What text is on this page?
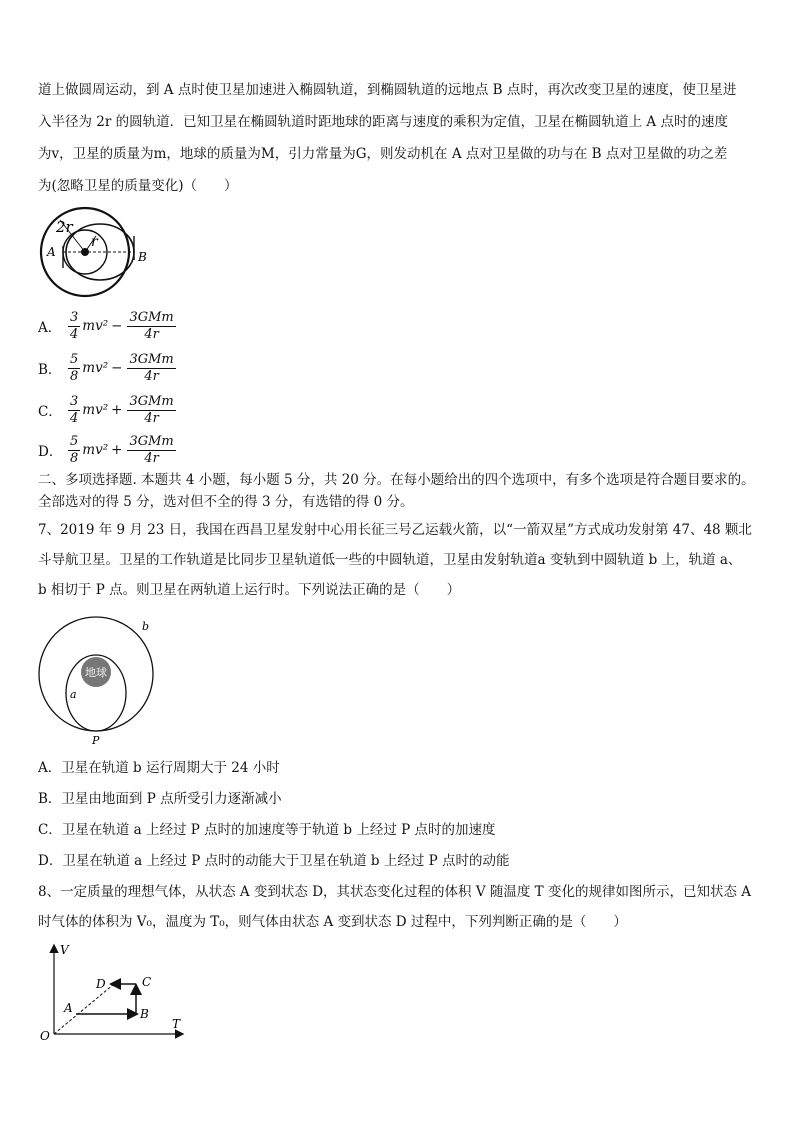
道上做圆周运动，到 A 点时使卫星加速进入椭圆轨道，到椭圆轨道的远地点 B 点时，再次改变卫星的速度，使卫星进
入半径为 2r 的圆轨道．已知卫星在椭圆轨道时距地球的距离与速度的乘积为定值，卫星在椭圆轨道上 A 点时的速度
为v，卫星的质量为m，地球的质量为M，引力常量为G，则发动机在 A 点对卫星做的功与在 B 点对卫星做的功之差
为(忽略卫星的质量变化)（　　）
2r
r
A	B
A． $\frac{3}{4} mv^2 - \frac{\text{3GMm}}{4r}$
B． $\frac{5}{8} mv^2 - \frac{\text{3GMm}}{4r}$
C． $\frac{3}{4} mv^2 + \frac{\text{3GMm}}{4r}$
D． $\frac{5}{8} mv^2 + \frac{\text{3GMm}}{4r}$
二、多项选择题. 本题共 4 小题，每小题 5 分，共 20 分。在每小题给出的四个选项中，有多个选项是符合题目要求的。
全部选对的得 5 分，选对但不全的得 3 分，有选错的得 0 分。
7、2019 年 9 月 23 日，我国在西昌卫星发射中心用长征三号乙运载火箭，以“一箭双星”方式成功发射第 47、48 颗北
斗导航卫星。卫星的工作轨道是比同步卫星轨道低一些的中圆轨道，卫星由发射轨道a 变轨到中圆轨道 b 上，轨道 a、
b 相切于 P 点。则卫星在两轨道上运行时。下列说法正确的是（　　）
地球
b
a
P
A．卫星在轨道 b 运行周期大于 24 小时
B．卫星由地面到 P 点所受引力逐渐减小
C．卫星在轨道 a 上经过 P 点时的加速度等于轨道 b 上经过 P 点时的加速度
D．卫星在轨道 a 上经过 P 点时的动能大于卫星在轨道 b 上经过 P 点时的动能
8、一定质量的理想气体，从状态 A 变到状态 D，其状态变化过程的体积 V 随温度 T 变化的规律如图所示，已知状态 A
时气体的体积为 V₀，温度为 T₀，则气体由状态 A 变到状态 D 过程中，下列判断正确的是（　　）
V
T
O
A	B
C
D
